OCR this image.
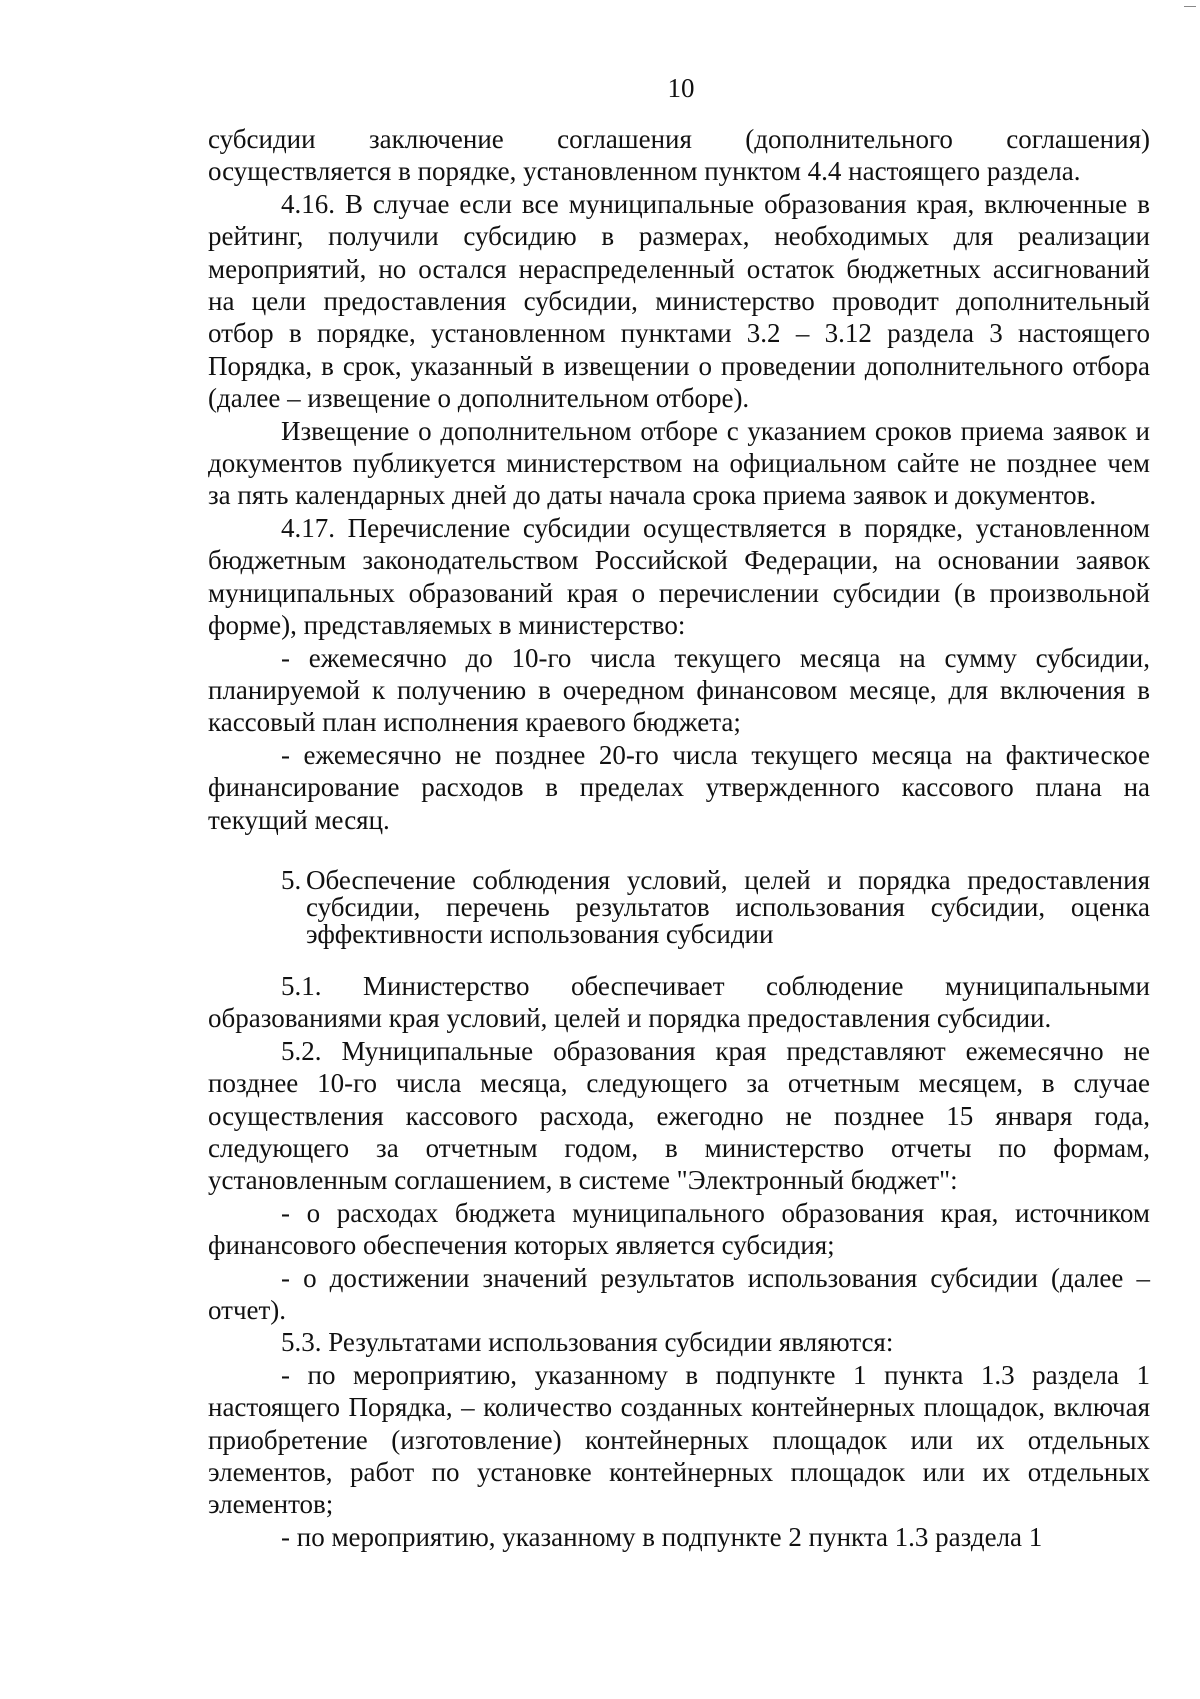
10

субсидии заключение соглашения (дополнительного соглашения) осуществляется в порядке, установленном пунктом 4.4 настоящего раздела.

4.16. В случае если все муниципальные образования края, включенные в рейтинг, получили субсидию в размерах, необходимых для реализации мероприятий, но остался нераспределенный остаток бюджетных ассигнований на цели предоставления субсидии, министерство проводит дополнительный отбор в порядке, установленном пунктами 3.2 – 3.12 раздела 3 настоящего Порядка, в срок, указанный в извещении о проведении дополнительного отбора (далее – извещение о дополнительном отборе).

Извещение о дополнительном отборе с указанием сроков приема заявок и документов публикуется министерством на официальном сайте не позднее чем за пять календарных дней до даты начала срока приема заявок и документов.

4.17. Перечисление субсидии осуществляется в порядке, установленном бюджетным законодательством Российской Федерации, на основании заявок муниципальных образований края о перечислении субсидии (в произвольной форме), представляемых в министерство:

- ежемесячно до 10-го числа текущего месяца на сумму субсидии, планируемой к получению в очередном финансовом месяце, для включения в кассовый план исполнения краевого бюджета;

- ежемесячно не позднее 20-го числа текущего месяца на фактическое финансирование расходов в пределах утвержденного кассового плана на текущий месяц.

5. Обеспечение соблюдения условий, целей и порядка предоставления субсидии, перечень результатов использования субсидии, оценка эффективности использования субсидии

5.1. Министерство обеспечивает соблюдение муниципальными образованиями края условий, целей и порядка предоставления субсидии.

5.2. Муниципальные образования края представляют ежемесячно не позднее 10-го числа месяца, следующего за отчетным месяцем, в случае осуществления кассового расхода, ежегодно не позднее 15 января года, следующего за отчетным годом, в министерство отчеты по формам, установленным соглашением, в системе "Электронный бюджет":

- о расходах бюджета муниципального образования края, источником финансового обеспечения которых является субсидия;

- о достижении значений результатов использования субсидии (далее – отчет).

5.3. Результатами использования субсидии являются:

- по мероприятию, указанному в подпункте 1 пункта 1.3 раздела 1 настоящего Порядка, – количество созданных контейнерных площадок, включая приобретение (изготовление) контейнерных площадок или их отдельных элементов, работ по установке контейнерных площадок или их отдельных элементов;

- по мероприятию, указанному в подпункте 2 пункта 1.3 раздела 1
